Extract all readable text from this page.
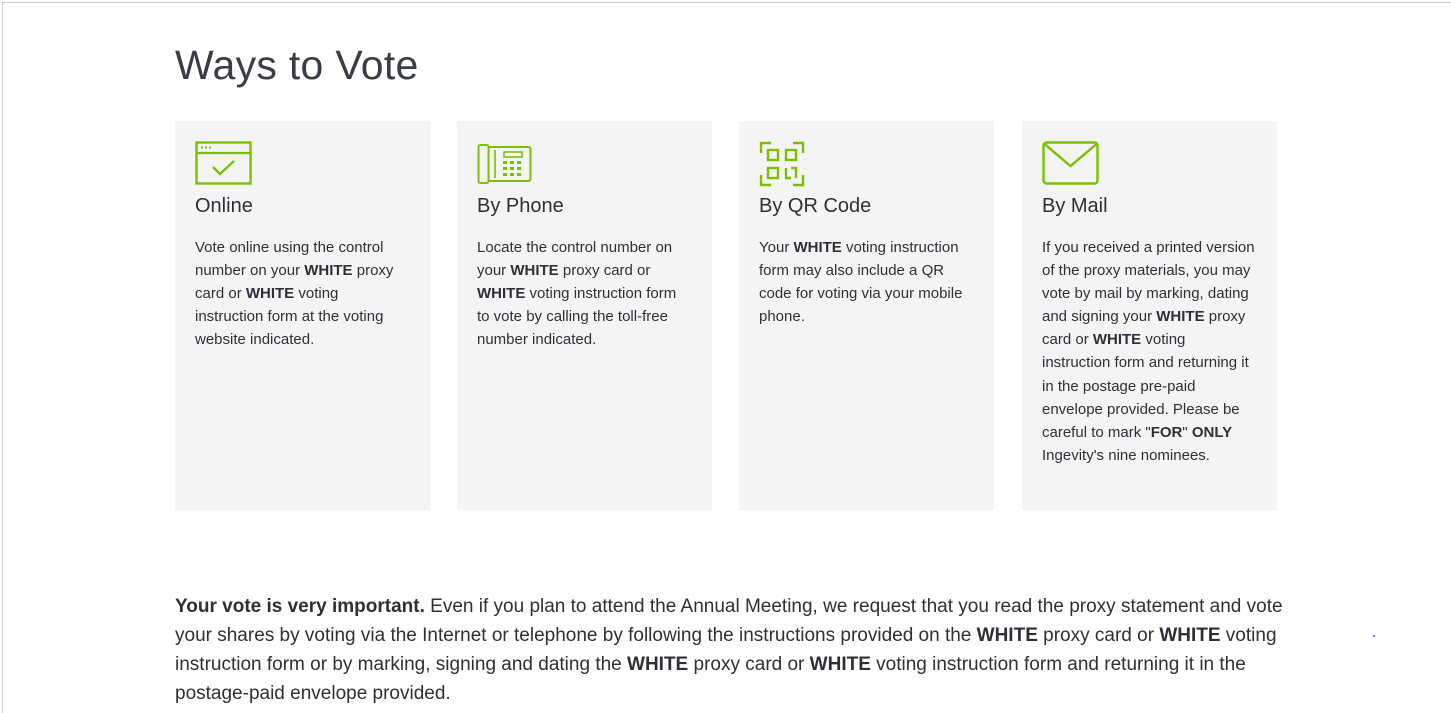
Ways to Vote
Online
Vote online using the control number on your WHITE proxy card or WHITE voting instruction form at the voting website indicated.
By Phone
Locate the control number on your WHITE proxy card or WHITE voting instruction form to vote by calling the toll-free number indicated.
By QR Code
Your WHITE voting instruction form may also include a QR code for voting via your mobile phone.
By Mail
If you received a printed version of the proxy materials, you may vote by mail by marking, dating and signing your WHITE proxy card or WHITE voting instruction form and returning it in the postage pre-paid envelope provided. Please be careful to mark "FOR" ONLY Ingevity's nine nominees.

Your vote is very important. Even if you plan to attend the Annual Meeting, we request that you read the proxy statement and vote your shares by voting via the Internet or telephone by following the instructions provided on the WHITE proxy card or WHITE voting instruction form or by marking, signing and dating the WHITE proxy card or WHITE voting instruction form and returning it in the postage-paid envelope provided.
